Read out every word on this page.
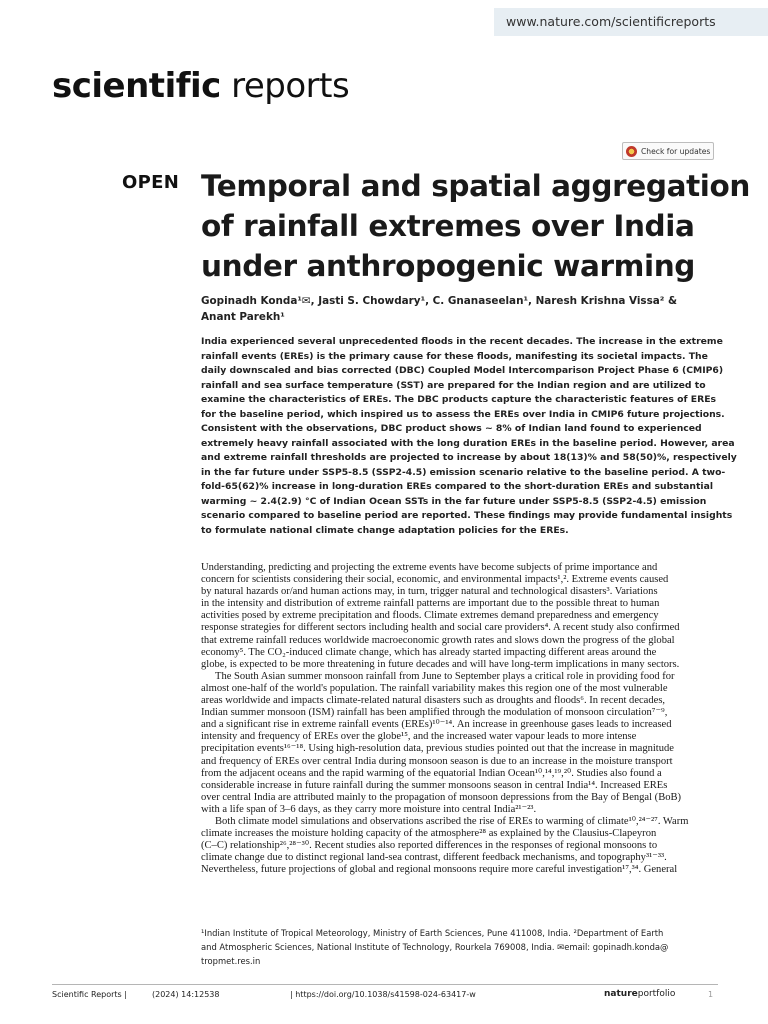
www.nature.com/scientificreports
scientific reports
Check for updates
OPEN Temporal and spatial aggregation
of rainfall extremes over India
under anthropogenic warming
Gopinadh Konda¹✉, Jasti S. Chowdary¹, C. Gnanaseelan¹, Naresh Krishna Vissa² &
Anant Parekh¹
India experienced several unprecedented floods in the recent decades. The increase in the extreme
rainfall events (EREs) is the primary cause for these floods, manifesting its societal impacts. The
daily downscaled and bias corrected (DBC) Coupled Model Intercomparison Project Phase 6 (CMIP6)
rainfall and sea surface temperature (SST) are prepared for the Indian region and are utilized to
examine the characteristics of EREs. The DBC products capture the characteristic features of EREs
for the baseline period, which inspired us to assess the EREs over India in CMIP6 future projections.
Consistent with the observations, DBC product shows ~ 8% of Indian land found to experienced
extremely heavy rainfall associated with the long duration EREs in the baseline period. However, area
and extreme rainfall thresholds are projected to increase by about 18(13)% and 58(50)%, respectively
in the far future under SSP5-8.5 (SSP2-4.5) emission scenario relative to the baseline period. A two-
fold-65(62)% increase in long-duration EREs compared to the short-duration EREs and substantial
warming ~ 2.4(2.9) °C of Indian Ocean SSTs in the far future under SSP5-8.5 (SSP2-4.5) emission
scenario compared to baseline period are reported. These findings may provide fundamental insights
to formulate national climate change adaptation policies for the EREs.
Understanding, predicting and projecting the extreme events have become subjects of prime importance and
concern for scientists considering their social, economic, and environmental impacts¹,². Extreme events caused
by natural hazards or/and human actions may, in turn, trigger natural and technological disasters³. Variations
in the intensity and distribution of extreme rainfall patterns are important due to the possible threat to human
activities posed by extreme precipitation and floods. Climate extremes demand preparedness and emergency
response strategies for different sectors including health and social care providers⁴. A recent study also confirmed
that extreme rainfall reduces worldwide macroeconomic growth rates and slows down the progress of the global
economy⁵. The CO₂-induced climate change, which has already started impacting different areas around the
globe, is expected to be more threatening in future decades and will have long-term implications in many sectors.
The South Asian summer monsoon rainfall from June to September plays a critical role in providing food for
almost one-half of the world's population. The rainfall variability makes this region one of the most vulnerable
areas worldwide and impacts climate-related natural disasters such as droughts and floods⁶. In recent decades,
Indian summer monsoon (ISM) rainfall has been amplified through the modulation of monsoon circulation⁷⁻⁹,
and a significant rise in extreme rainfall events (EREs)¹⁰⁻¹⁴. An increase in greenhouse gases leads to increased
intensity and frequency of EREs over the globe¹⁵, and the increased water vapour leads to more intense
precipitation events¹⁶⁻¹⁸. Using high-resolution data, previous studies pointed out that the increase in magnitude
and frequency of EREs over central India during monsoon season is due to an increase in the moisture transport
from the adjacent oceans and the rapid warming of the equatorial Indian Ocean¹⁰,¹⁴,¹⁹,²⁰. Studies also found a
considerable increase in future rainfall during the summer monsoons season in central India¹⁴. Increased EREs
over central India are attributed mainly to the propagation of monsoon depressions from the Bay of Bengal (BoB)
with a life span of 3–6 days, as they carry more moisture into central India²¹⁻²³.
Both climate model simulations and observations ascribed the rise of EREs to warming of climate¹⁰,²⁴⁻²⁷. Warm
climate increases the moisture holding capacity of the atmosphere²⁸ as explained by the Clausius-Clapeyron
(C–C) relationship²⁶,²⁸⁻³⁰. Recent studies also reported differences in the responses of regional monsoons to
climate change due to distinct regional land-sea contrast, different feedback mechanisms, and topography³¹⁻³³.
Nevertheless, future projections of global and regional monsoons require more careful investigation¹⁷,³⁴. General
¹Indian Institute of Tropical Meteorology, Ministry of Earth Sciences, Pune 411008, India. ²Department of Earth
and Atmospheric Sciences, National Institute of Technology, Rourkela 769008, India. ✉email: gopinadh.konda@
tropmet.res.in
Scientific Reports |	(2024) 14:12538	| https://doi.org/10.1038/s41598-024-63417-w	natureportfolio	1
